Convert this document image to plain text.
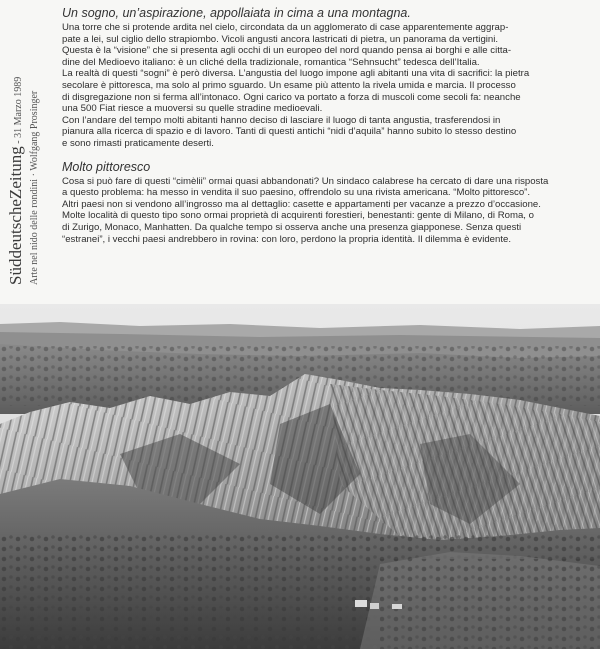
SüddeutscheZeitung - 31 Marzo 1989 Arte nel nido delle rondini · Wolfgang Prosinger
Un sogno, un’aspirazione, appollaiata in cima a una montagna.

Una torre che si protende ardita nel cielo, circondata da un agglomerato di case apparentemente aggrap-

pate a lei, sul ciglio dello strapiombo. Vicoli angusti ancora lastricati di pietra, un panorama da vertigini.

Questa è la “visione” che si presenta agli occhi di un europeo del nord quando pensa ai borghi e alle citta-

dine del Medioevo italiano: è un cliché della tradizionale, romantica “Sehnsucht” tedesca dell’Italia.

La realtà di questi “sogni” è però diversa. L’angustia del luogo impone agli abitanti una vita di sacrifici: la pietra

secolare è pittoresca, ma solo al primo sguardo. Un esame più attento la rivela umida e marcia. Il processo

di disgregazione non si ferma all’intonaco. Ogni carico va portato a forza di muscoli come secoli fa: neanche

una 500 Fiat riesce a muoversi su quelle stradine medioevali.

Con l’andare del tempo molti abitanti hanno deciso di lasciare il luogo di tanta angustia, trasferendosi in

pianura alla ricerca di spazio e di lavoro. Tanti di questi antichi “nidi d’aquila” hanno subito lo stesso destino

e sono rimasti praticamente deserti.

Molto pittoresco

Cosa si può fare di questi “cimèlii” ormai quasi abbandonati? Un sindaco calabrese ha cercato di dare una risposta

a questo problema: ha messo in vendita il suo paesino, offrendolo su una rivista americana. “Molto pittoresco”.

Altri paesi non si vendono all’ingrosso ma al dettaglio: casette e appartamenti per vacanze a prezzo d’occasione.

Molte località di questo tipo sono ormai proprietà di acquirenti forestieri, benestanti: gente di Milano, di Roma, o

di Zurigo, Monaco, Manhatten. Da qualche tempo si osserva anche una presenza giapponese. Senza questi

“estranei”, i vecchi paesi andrebbero in rovina: con loro, perdono la propria identità. Il dilemma è evidente.
